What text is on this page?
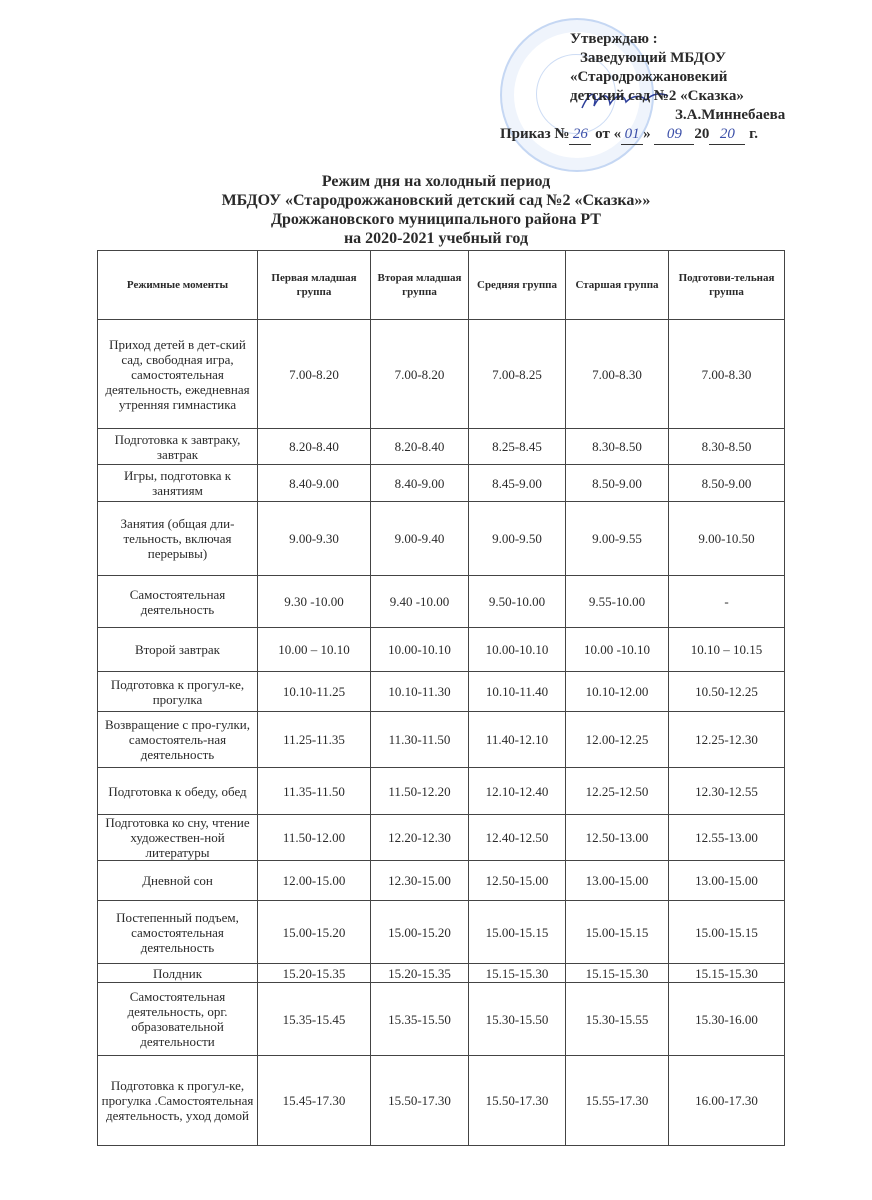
Утверждаю :
Заведующий МБДОУ
«Стародрожжановекий
детский сад №2 «Сказка»
З.А.Миннебаева
Приказ № 26 от « 01 » 09 20 20 г.
Режим дня на холодный период
МБДОУ «Стародрожжановский детский сад №2 «Сказка»»
Дрожжановского муниципального района РТ
на 2020-2021 учебный год
Режимные моменты	Первая младшая группа	Вторая младшая группа	Средняя группа	Старшая группа	Подготови-тельная группа
Приход детей в дет-ский сад, свободная игра, самостоятельная деятельность, ежедневная утренняя гимнастика	7.00-8.20	7.00-8.20	7.00-8.25	7.00-8.30	7.00-8.30
Подготовка к завтраку, завтрак	8.20-8.40	8.20-8.40	8.25-8.45	8.30-8.50	8.30-8.50
Игры, подготовка к занятиям	8.40-9.00	8.40-9.00	8.45-9.00	8.50-9.00	8.50-9.00
Занятия (общая дли-тельность, включая перерывы)	9.00-9.30	9.00-9.40	9.00-9.50	9.00-9.55	9.00-10.50
Самостоятельная деятельность	9.30 -10.00	9.40 -10.00	9.50-10.00	9.55-10.00	-
Второй завтрак	10.00 – 10.10	10.00-10.10	10.00-10.10	10.00 -10.10	10.10 – 10.15
Подготовка к прогул-ке, прогулка	10.10-11.25	10.10-11.30	10.10-11.40	10.10-12.00	10.50-12.25
Возвращение с про-гулки, самостоятель-ная деятельность	11.25-11.35	11.30-11.50	11.40-12.10	12.00-12.25	12.25-12.30
Подготовка к обеду, обед	11.35-11.50	11.50-12.20	12.10-12.40	12.25-12.50	12.30-12.55
Подготовка ко сну, чтение художествен-ной литературы	11.50-12.00	12.20-12.30	12.40-12.50	12.50-13.00	12.55-13.00
Дневной сон	12.00-15.00	12.30-15.00	12.50-15.00	13.00-15.00	13.00-15.00
Постепенный подъем, самостоятельная деятельность	15.00-15.20	15.00-15.20	15.00-15.15	15.00-15.15	15.00-15.15
Полдник	15.20-15.35	15.20-15.35	15.15-15.30	15.15-15.30	15.15-15.30
Самостоятельная деятельность, орг. образовательной деятельности	15.35-15.45	15.35-15.50	15.30-15.50	15.30-15.55	15.30-16.00
Подготовка к прогул-ке, прогулка .Самостоятельная деятельность, уход домой	15.45-17.30	15.50-17.30	15.50-17.30	15.55-17.30	16.00-17.30
